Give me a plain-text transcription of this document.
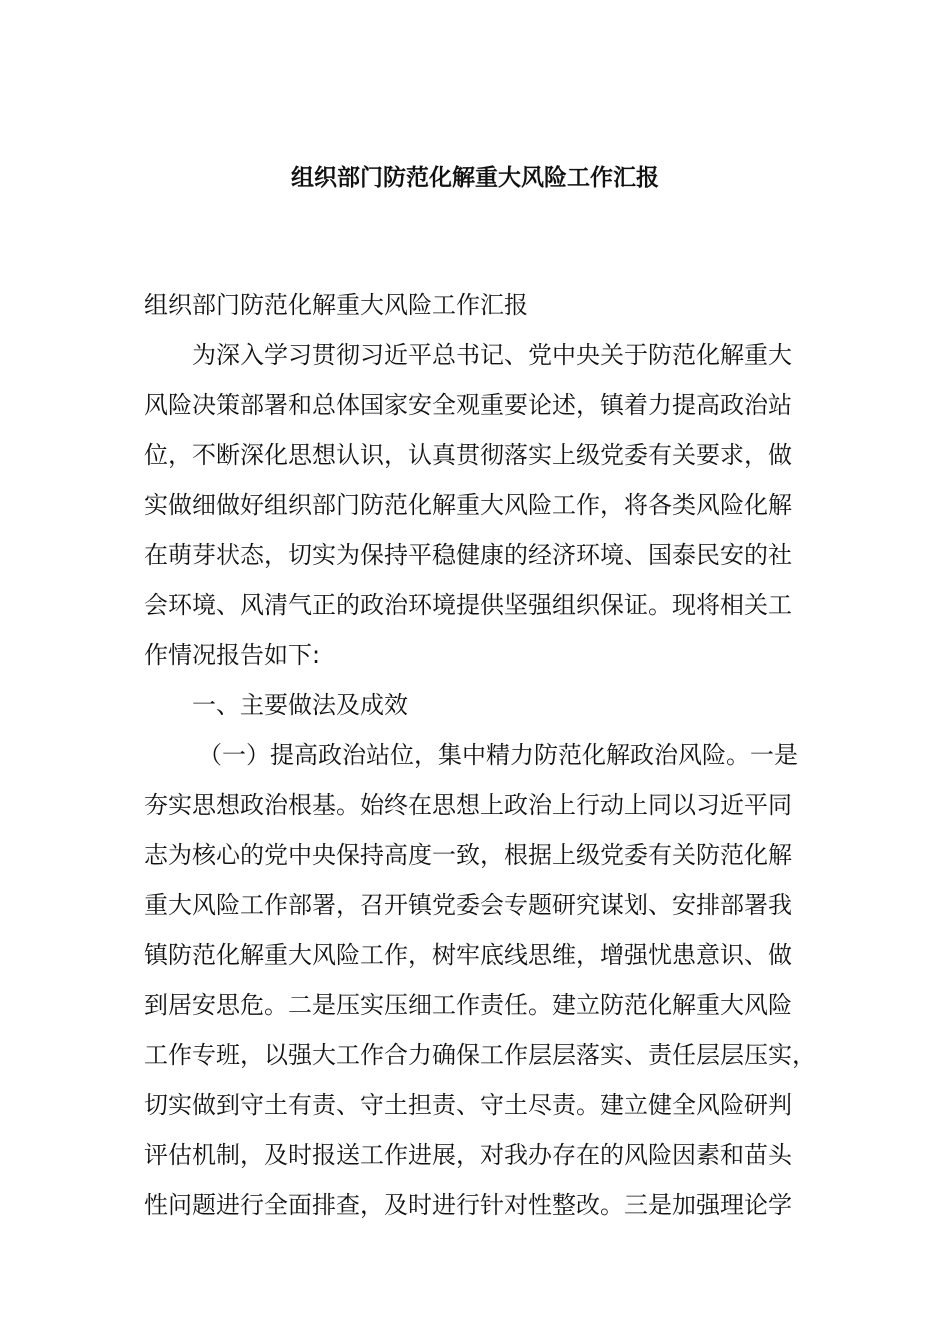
组织部门防范化解重大风险工作汇报
组织部门防范化解重大风险工作汇报
为深入学习贯彻习近平总书记、党中央关于防范化解重大
风险决策部署和总体国家安全观重要论述，镇着力提高政治站
位，不断深化思想认识，认真贯彻落实上级党委有关要求，做
实做细做好组织部门防范化解重大风险工作，将各类风险化解
在萌芽状态，切实为保持平稳健康的经济环境、国泰民安的社
会环境、风清气正的政治环境提供坚强组织保证。现将相关工
作情况报告如下:
一、主要做法及成效
（一）提高政治站位，集中精力防范化解政治风险。一是
夯实思想政治根基。始终在思想上政治上行动上同以习近平同
志为核心的党中央保持高度一致，根据上级党委有关防范化解
重大风险工作部署，召开镇党委会专题研究谋划、安排部署我
镇防范化解重大风险工作，树牢底线思维，增强忧患意识、做
到居安思危。二是压实压细工作责任。建立防范化解重大风险
工作专班，以强大工作合力确保工作层层落实、责任层层压实，
切实做到守土有责、守土担责、守土尽责。建立健全风险研判
评估机制，及时报送工作进展，对我办存在的风险因素和苗头
性问题进行全面排查，及时进行针对性整改。三是加强理论学
